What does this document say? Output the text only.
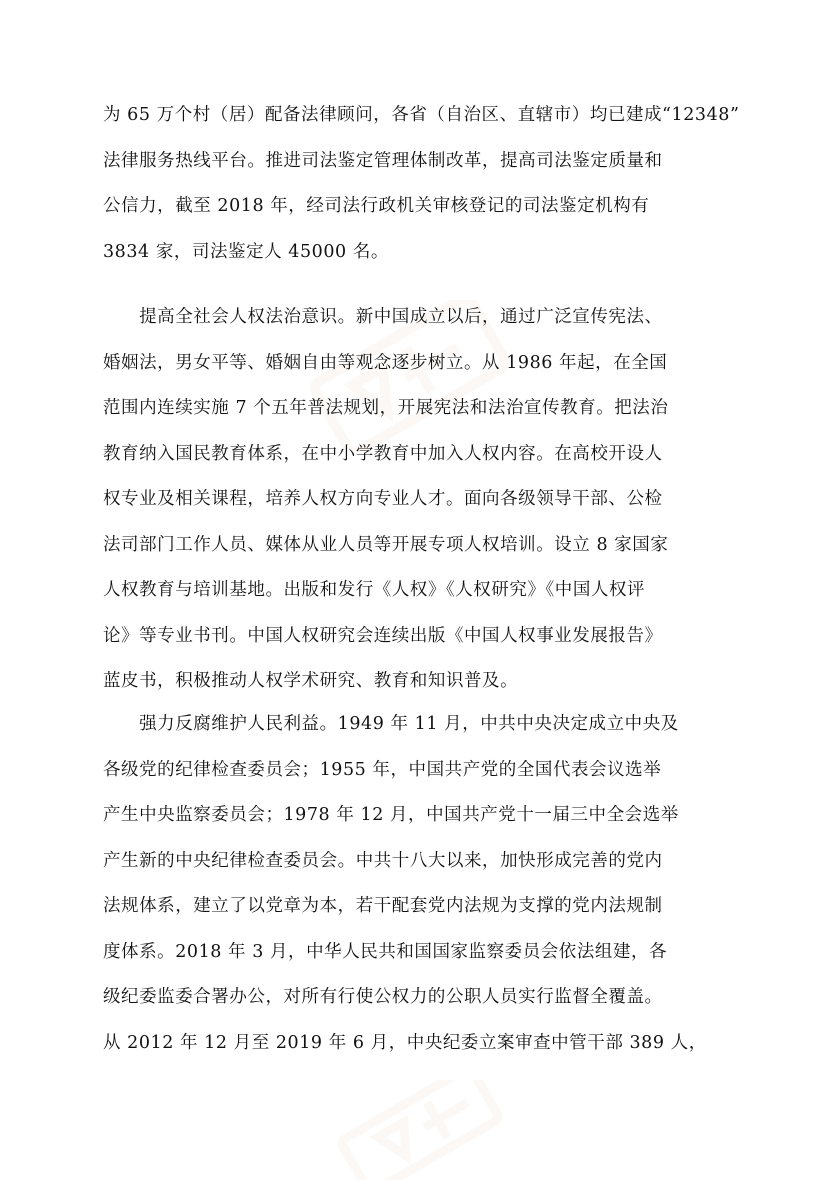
为 65 万个村（居）配备法律顾问，各省（自治区、直辖市）均已建成“12348”
法律服务热线平台。推进司法鉴定管理体制改革，提高司法鉴定质量和
公信力，截至 2018 年，经司法行政机关审核登记的司法鉴定机构有
3834 家，司法鉴定人 45000 名。

　　提高全社会人权法治意识。新中国成立以后，通过广泛宣传宪法、
婚姻法，男女平等、婚姻自由等观念逐步树立。从 1986 年起，在全国
范围内连续实施 7 个五年普法规划，开展宪法和法治宣传教育。把法治
教育纳入国民教育体系，在中小学教育中加入人权内容。在高校开设人
权专业及相关课程，培养人权方向专业人才。面向各级领导干部、公检
法司部门工作人员、媒体从业人员等开展专项人权培训。设立 8 家国家
人权教育与培训基地。出版和发行《人权》《人权研究》《中国人权评
论》等专业书刊。中国人权研究会连续出版《中国人权事业发展报告》
蓝皮书，积极推动人权学术研究、教育和知识普及。

　　强力反腐维护人民利益。1949 年 11 月，中共中央决定成立中央及
各级党的纪律检查委员会；1955 年，中国共产党的全国代表会议选举
产生中央监察委员会；1978 年 12 月，中国共产党十一届三中全会选举
产生新的中央纪律检查委员会。中共十八大以来，加快形成完善的党内
法规体系，建立了以党章为本，若干配套党内法规为支撑的党内法规制
度体系。2018 年 3 月，中华人民共和国国家监察委员会依法组建，各
级纪委监委合署办公，对所有行使公权力的公职人员实行监督全覆盖。
从 2012 年 12 月至 2019 年 6 月，中央纪委立案审查中管干部 389 人，
